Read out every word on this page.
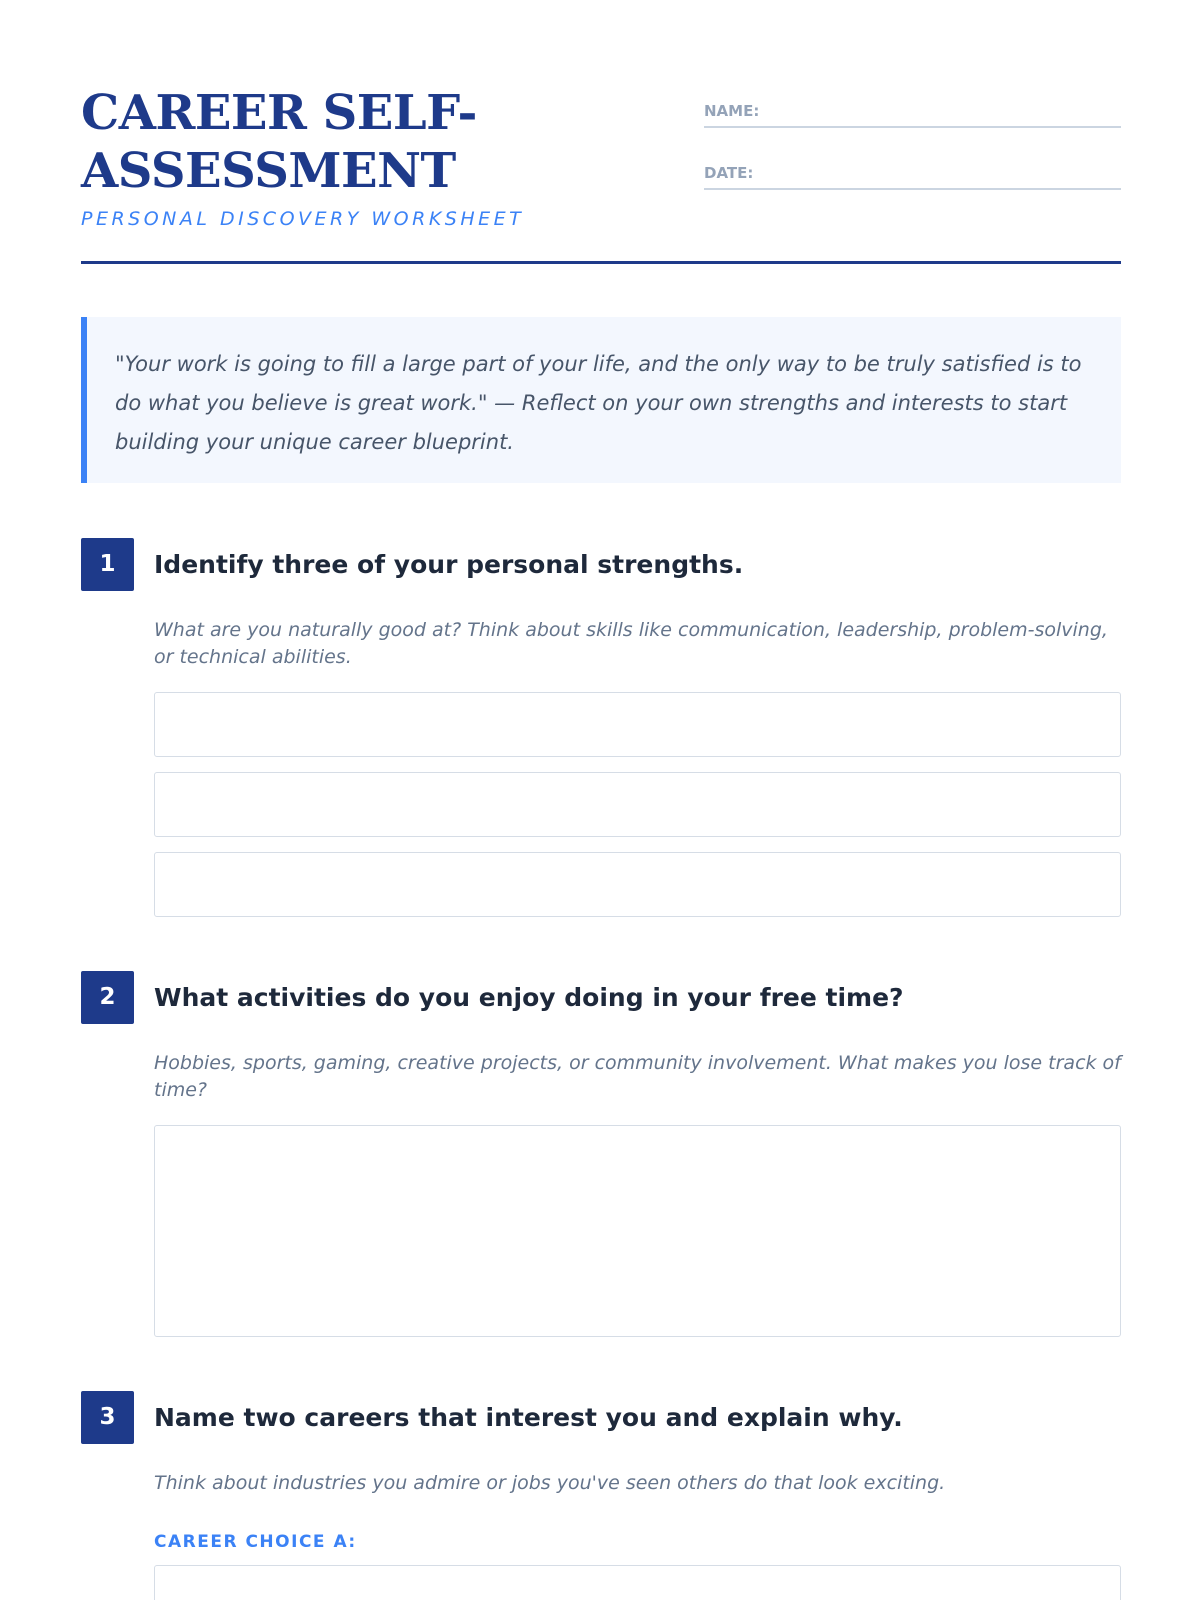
CAREER SELF-
ASSESSMENT
PERSONAL DISCOVERY WORKSHEET
NAME:
DATE:
"Your work is going to fill a large part of your life, and the only way to be truly satisfied is to do what you believe is great work." — Reflect on your own strengths and interests to start building your unique career blueprint.
1	Identify three of your personal strengths.
What are you naturally good at? Think about skills like communication, leadership, problem-solving, or technical abilities.
2	What activities do you enjoy doing in your free time?
Hobbies, sports, gaming, creative projects, or community involvement. What makes you lose track of time?
3	Name two careers that interest you and explain why.
Think about industries you admire or jobs you've seen others do that look exciting.
CAREER CHOICE A:
